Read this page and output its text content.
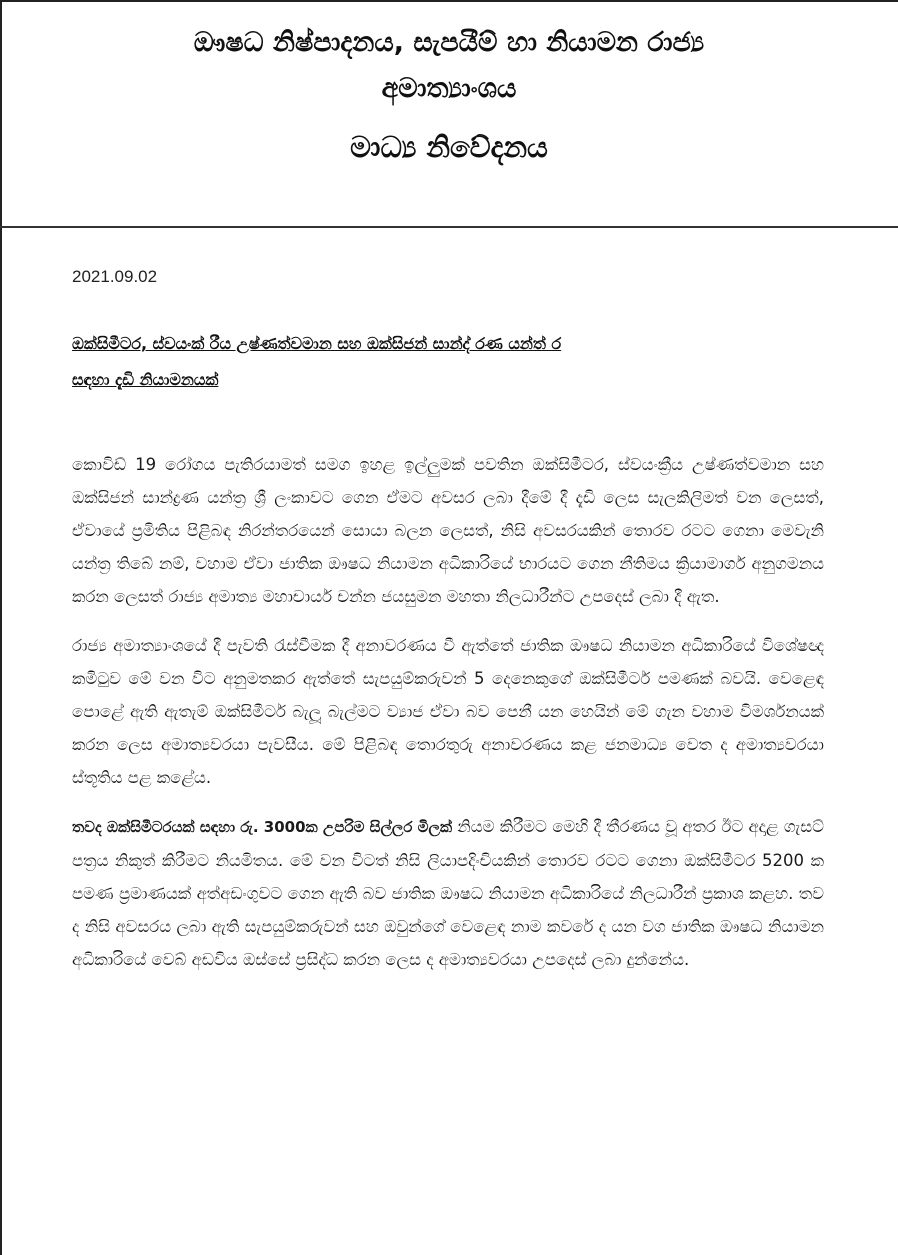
ඖෂධ නිෂ්පාදනය, සැපයීම් හා නියාමන රාජ්‍ය
අමාත්‍යාංශය
මාධ්‍ය නිවේදනය
2021.09.02
ඔක්සිමීටර, ස්වයංක් රීය උෂ්ණත්වමාන සහ ඔක්සිජන් සාන්ද් රණ යන්ත් ර
සඳහා දැඩි නියාමනයක්

කොවිඩ් 19 රෝගය පැතිරයාමත් සමග ඉහළ ඉල්ලුමක් පවතින ඔක්සිමීටර, ස්වයංක්‍රීය උෂ්ණත්වමාන සහ ඔක්සිජන් සාන්ද්‍රණ යන්ත්‍ර ශ්‍රී ලංකාවට ගෙන ඒමට අවසර ලබා දීමේ දී දැඩි ලෙස සැලකිලිමත් වන ලෙසත්, ඒවායේ ප්‍රමිතිය පිළිබඳ නිරන්තරයෙන් සොයා බලන ලෙසත්, නිසි අවසරයකින් තොරව රටට ගෙනා මෙවැනි යන්ත්‍ර තිබේ නම්, වහාම ඒවා ජාතික ඖෂධ නියාමන අධිකාරියේ භාරයට ගෙන නීතිමය ක්‍රියාමාර්ග අනුගමනය කරන ලෙසත් රාජ්‍ය අමාත්‍ය මහාචාර්ය චන්න ජයසුමන මහතා නිලධාරීන්ට උපදෙස් ලබා දී ඇත.

රාජ්‍ය අමාත්‍යාංශයේ දී පැවති රැස්වීමක දී අනාවරණය වී ඇත්තේ ජාතික ඖෂධ නියාමන අධිකාරියේ විශේෂඥ කමිටුව මේ වන විට අනුමතකර ඇත්තේ සැපයුම්කරුවන් 5 දෙනෙකුගේ ඔක්සිමීටර් පමණක් බවයි. වෙළෙඳ පොළේ ඇති ඇතැම් ඔක්සිමීටර් බැලූ බැල්මට ව්‍යාජ ඒවා බව පෙනී යන හෙයින් මේ ගැන වහාම විමර්ශනයක් කරන ලෙස අමාත්‍යවරයා පැවසීය. මේ පිළිබඳ තොරතුරු අනාවරණය කළ ජනමාධ්‍ය වෙත ද අමාත්‍යවරයා ස්තූතිය පළ කළේය.

තවද ඔක්සිමීටරයක් සඳහා රු. 3000ක උපරිම සිල්ලර මිලක් නියම කිරීමට මෙහි දී තීරණය වූ අතර ඊට අදාළ ගැසට් පත්‍රය නිකුත් කිරීමට නියමිතය. මේ වන විටත් නිසි ලියාපදිංචියකින් තොරව රටට ගෙනා ඔක්සිමීටර 5200 ක පමණ ප්‍රමාණයක් අත්අඩංගුවට ගෙන ඇති බව ජාතික ඖෂධ නියාමන අධිකාරියේ නිලධාරීන් ප්‍රකාශ කළහ. තව ද නිසි අවසරය ලබා ඇති සැපයුම්කරුවන් සහ ඔවුන්ගේ වෙළෙඳ නාම කවරේ ද යන වග ජාතික ඖෂධ නියාමන අධිකාරියේ වෙබ් අඩවිය ඔස්සේ ප්‍රසිද්ධ කරන ලෙස ද අමාත්‍යවරයා උපදෙස් ලබා දුන්නේය.
